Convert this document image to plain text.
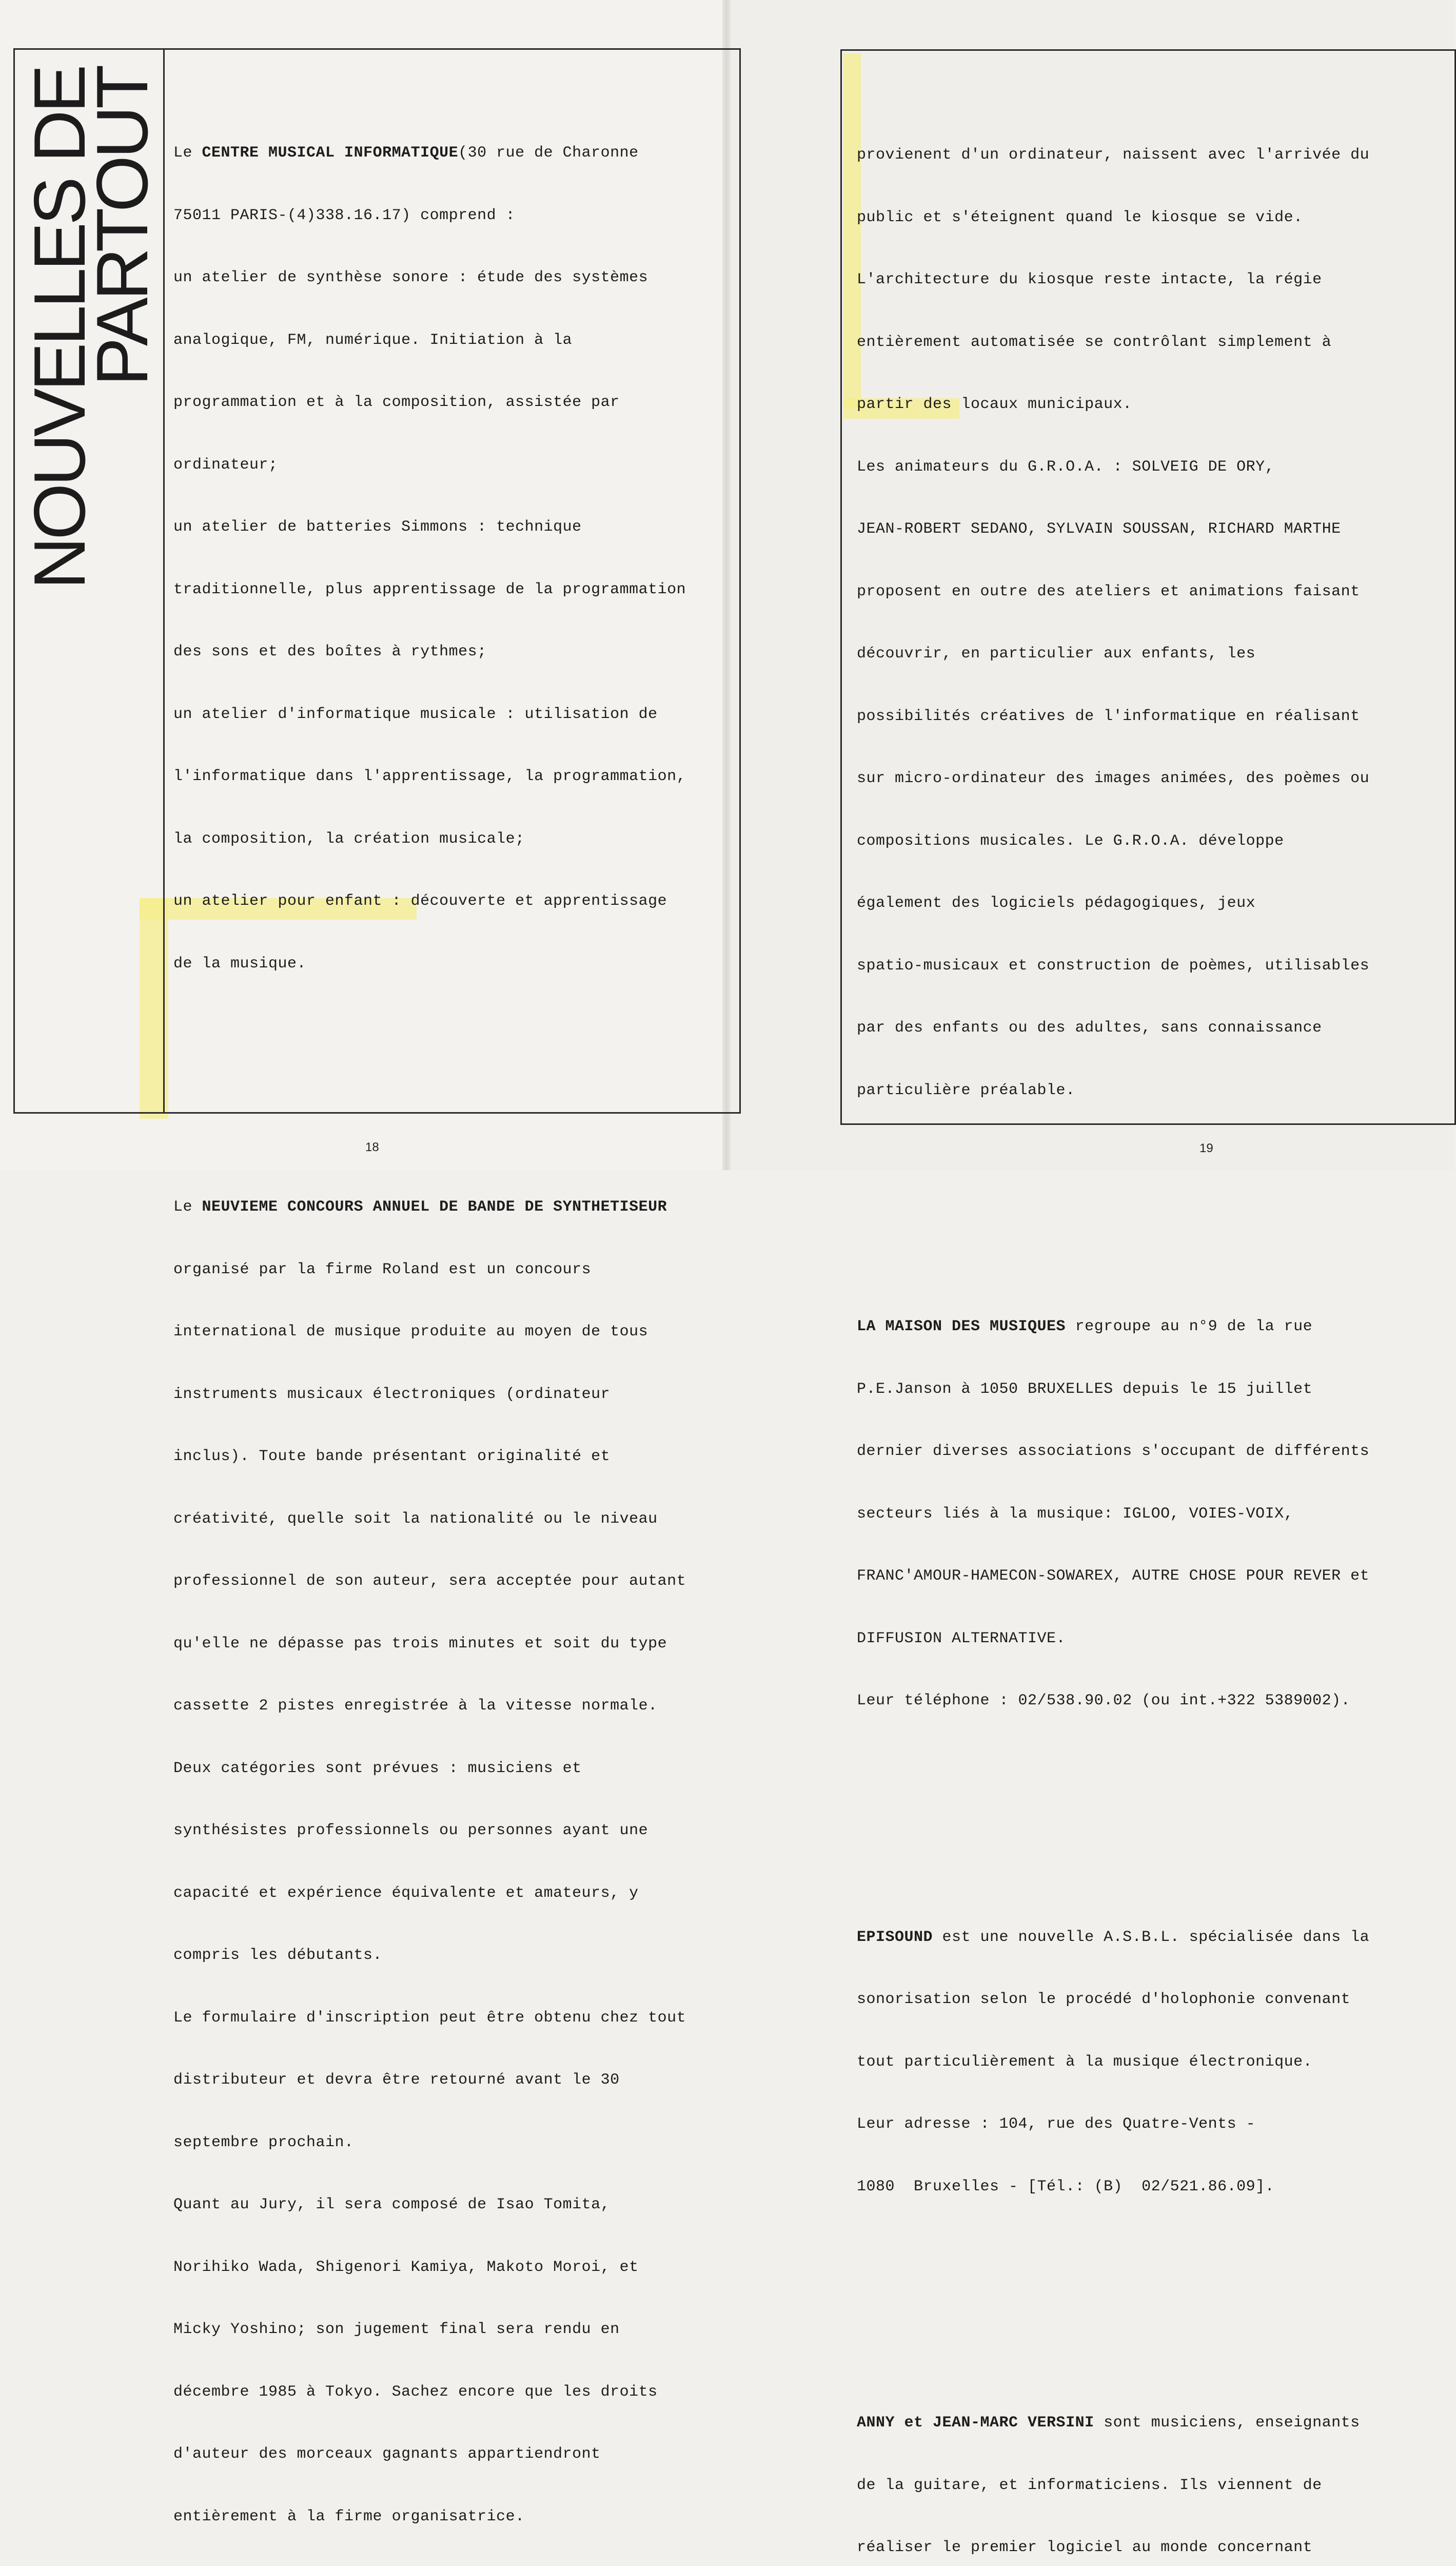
NOUVELLES DE
PARTOUT

Le CENTRE MUSICAL INFORMATIQUE(30 rue de Charonne

75011 PARIS-(4)338.16.17) comprend :

un atelier de synthèse sonore : étude des systèmes

analogique, FM, numérique. Initiation à la

programmation et à la composition, assistée par

ordinateur;

un atelier de batteries Simmons : technique

traditionnelle, plus apprentissage de la programmation

des sons et des boîtes à rythmes;

un atelier d'informatique musicale : utilisation de

l'informatique dans l'apprentissage, la programmation,

la composition, la création musicale;

un atelier pour enfant : découverte et apprentissage

de la musique.

Le NEUVIEME CONCOURS ANNUEL DE BANDE DE SYNTHETISEUR

organisé par la firme Roland est un concours

international de musique produite au moyen de tous

instruments musicaux électroniques (ordinateur

inclus). Toute bande présentant originalité et

créativité, quelle soit la nationalité ou le niveau

professionnel de son auteur, sera acceptée pour autant

qu'elle ne dépasse pas trois minutes et soit du type

cassette 2 pistes enregistrée à la vitesse normale.

Deux catégories sont prévues : musiciens et

synthésistes professionnels ou personnes ayant une

capacité et expérience équivalente et amateurs, y

compris les débutants.

Le formulaire d'inscription peut être obtenu chez tout

distributeur et devra être retourné avant le 30

septembre prochain.

Quant au Jury, il sera composé de Isao Tomita,

Norihiko Wada, Shigenori Kamiya, Makoto Moroi, et

Micky Yoshino; son jugement final sera rendu en

décembre 1985 à Tokyo. Sachez encore que les droits

d'auteur des morceaux gagnants appartiendront

entièrement à la firme organisatrice.

provienent d'un ordinateur, naissent avec l'arrivée du

public et s'éteignent quand le kiosque se vide.

L'architecture du kiosque reste intacte, la régie

entièrement automatisée se contrôlant simplement à

partir des locaux municipaux.

Les animateurs du G.R.O.A. : SOLVEIG DE ORY,

JEAN-ROBERT SEDANO, SYLVAIN SOUSSAN, RICHARD MARTHE

proposent en outre des ateliers et animations faisant

découvrir, en particulier aux enfants, les

possibilités créatives de l'informatique en réalisant

sur micro-ordinateur des images animées, des poèmes ou

compositions musicales. Le G.R.O.A. développe

également des logiciels pédagogiques, jeux

spatio-musicaux et construction de poèmes, utilisables

par des enfants ou des adultes, sans connaissance

particulière préalable.

LA MAISON DES MUSIQUES regroupe au n°9 de la rue

P.E.Janson à 1050 BRUXELLES depuis le 15 juillet

dernier diverses associations s'occupant de différents

secteurs liés à la musique: IGLOO, VOIES-VOIX,

FRANC'AMOUR-HAMECON-SOWAREX, AUTRE CHOSE POUR REVER et

DIFFUSION ALTERNATIVE.

Leur téléphone : 02/538.90.02 (ou int.+322 5389002).

EPISOUND est une nouvelle A.S.B.L. spécialisée dans la

sonorisation selon le procédé d'holophonie convenant

tout particulièrement à la musique électronique.

Leur adresse : 104, rue des Quatre-Vents -

1080  Bruxelles - [Tél.: (B)  02/521.86.09].

ANNY et JEAN-MARC VERSINI sont musiciens, enseignants

de la guitare, et informaticiens. Ils viennent de

réaliser le premier logiciel au monde concernant

18	19
